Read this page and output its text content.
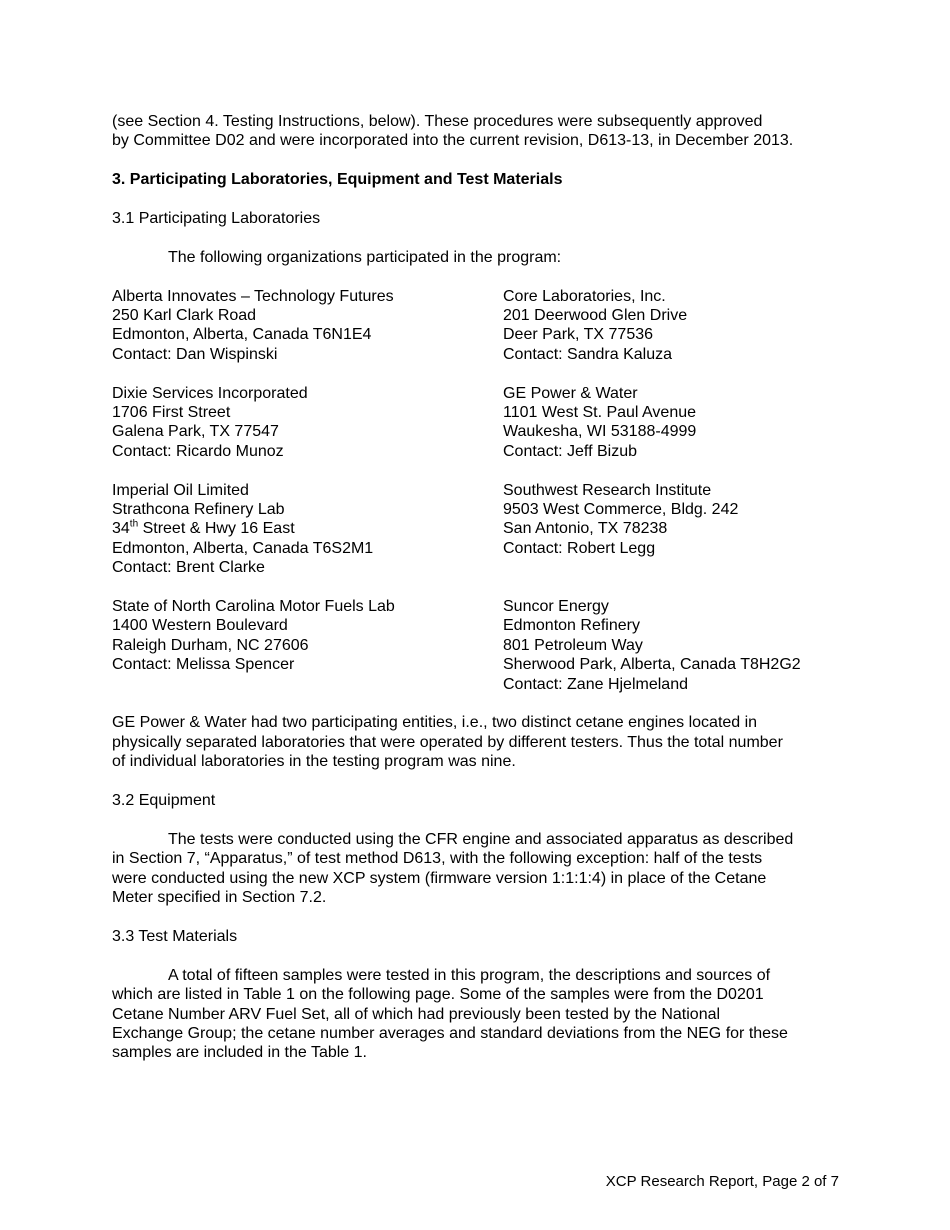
(see Section 4. Testing Instructions, below). These procedures were subsequently approved

by Committee D02 and were incorporated into the current revision, D613-13, in December 2013.

3. Participating Laboratories, Equipment and Test Materials

3.1 Participating Laboratories

The following organizations participated in the program:

Alberta Innovates – Technology Futures

250 Karl Clark Road

Edmonton, Alberta, Canada T6N1E4

Contact: Dan Wispinski

Core Laboratories, Inc.

201 Deerwood Glen Drive

Deer Park, TX 77536

Contact: Sandra Kaluza

Dixie Services Incorporated

1706 First Street

Galena Park, TX 77547

Contact: Ricardo Munoz

GE Power & Water

1101 West St. Paul Avenue

Waukesha, WI 53188-4999

Contact: Jeff Bizub

Imperial Oil Limited

Strathcona Refinery Lab

34th Street & Hwy 16 East

Edmonton, Alberta, Canada T6S2M1

Contact: Brent Clarke

Southwest Research Institute

9503 West Commerce, Bldg. 242

San Antonio, TX 78238

Contact: Robert Legg

State of North Carolina Motor Fuels Lab

1400 Western Boulevard

Raleigh Durham, NC 27606

Contact: Melissa Spencer

Suncor Energy

Edmonton Refinery

801 Petroleum Way

Sherwood Park, Alberta, Canada T8H2G2

Contact: Zane Hjelmeland

GE Power & Water had two participating entities, i.e., two distinct cetane engines located in

physically separated laboratories that were operated by different testers. Thus the total number

of individual laboratories in the testing program was nine.

3.2 Equipment

The tests were conducted using the CFR engine and associated apparatus as described

in Section 7, “Apparatus,” of test method D613, with the following exception: half of the tests

were conducted using the new XCP system (firmware version 1:1:1:4) in place of the Cetane

Meter specified in Section 7.2.

3.3 Test Materials

A total of fifteen samples were tested in this program, the descriptions and sources of

which are listed in Table 1 on the following page. Some of the samples were from the D0201

Cetane Number ARV Fuel Set, all of which had previously been tested by the National

Exchange Group; the cetane number averages and standard deviations from the NEG for these

samples are included in the Table 1.

XCP Research Report, Page 2 of 7
